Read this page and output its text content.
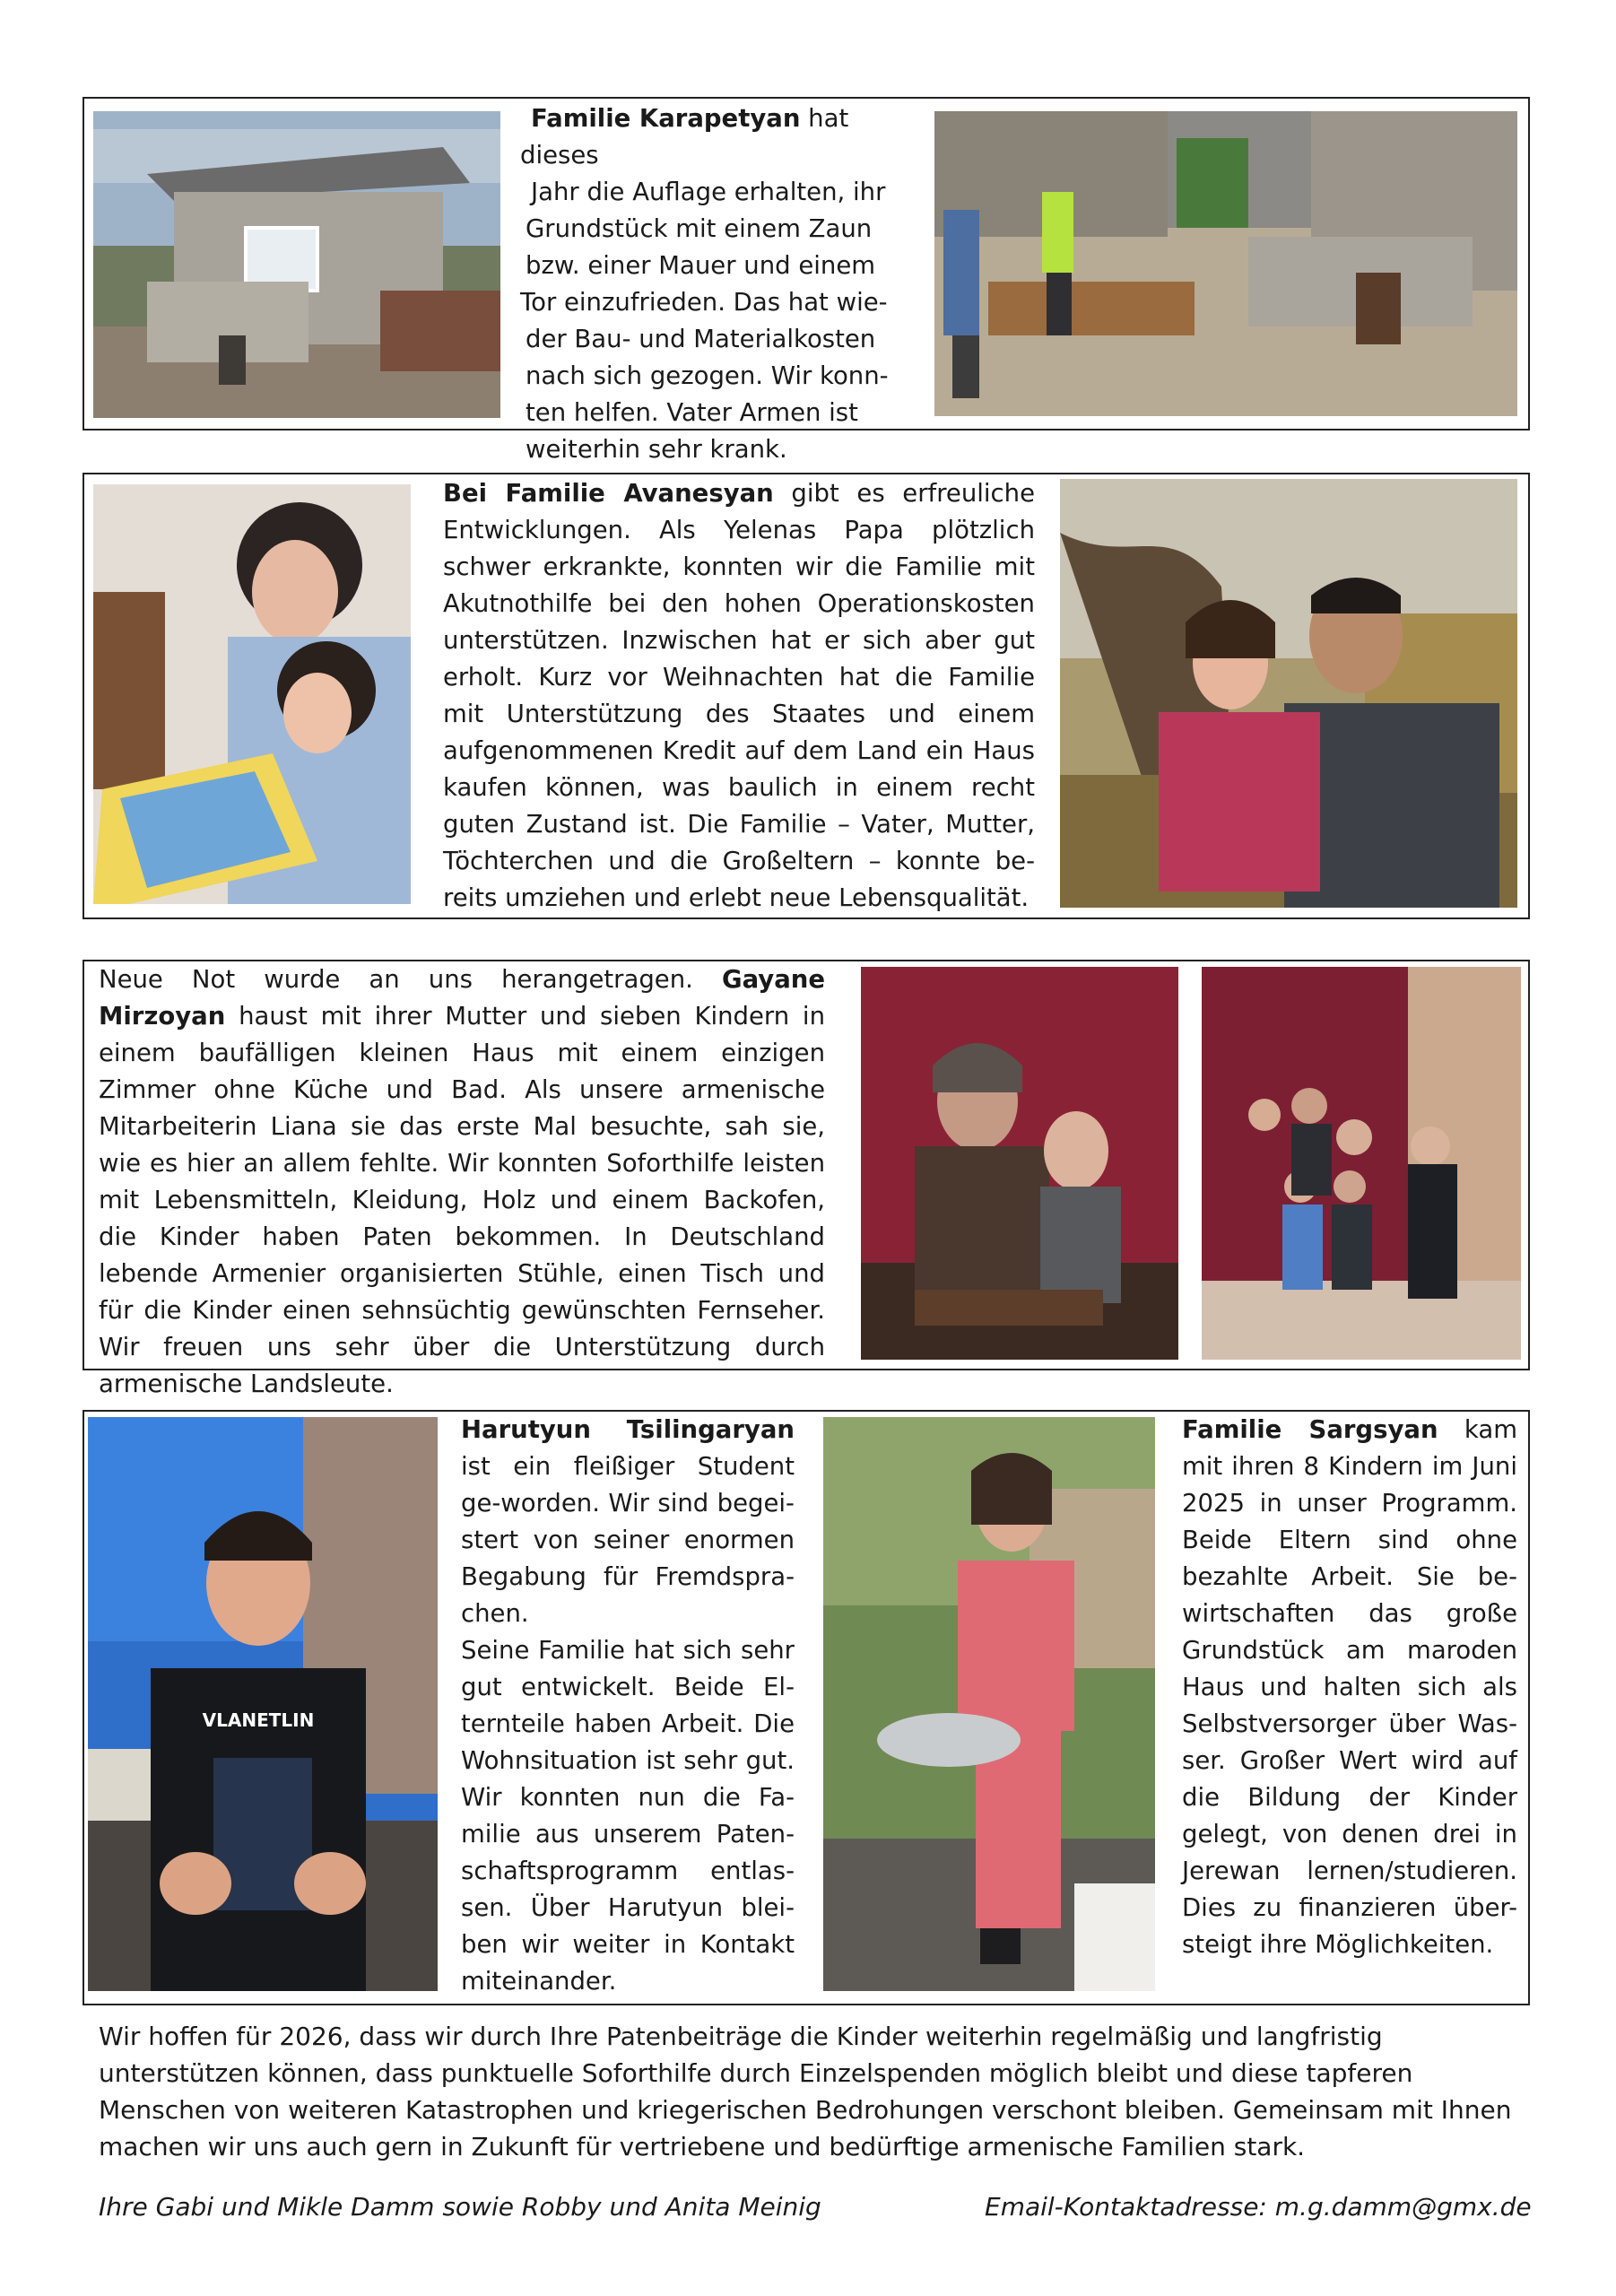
Familie Karapetyan hat dieses

Jahr die Auflage erhalten, ihr

Grundstück mit einem Zaun

bzw. einer Mauer und einem

Tor einzufrieden. Das hat wie-

der Bau- und Materialkosten

nach sich gezogen. Wir konn-

ten helfen. Vater Armen ist

weiterhin sehr krank.

Bei Familie Avanesyan gibt es erfreuliche Entwicklungen. Als Yelenas Papa plötzlich schwer erkrankte, konnten wir die Familie mit Akutnothilfe bei den hohen Operationskosten unterstützen. Inzwischen hat er sich aber gut erholt. Kurz vor Weihnachten hat die Familie mit Unterstützung des Staates und einem aufgenommenen Kredit auf dem Land ein Haus kaufen können, was baulich in einem recht guten Zustand ist. Die Familie – Vater, Mutter, Töchterchen und die Großeltern – konnte be-reits umziehen und erlebt neue Lebensqualität.

Neue Not wurde an uns herangetragen. Gayane Mirzoyan haust mit ihrer Mutter und sieben Kindern in einem baufälligen kleinen Haus mit einem einzigen Zimmer ohne Küche und Bad. Als unsere armenische Mitarbeiterin Liana sie das erste Mal besuchte, sah sie, wie es hier an allem fehlte. Wir konnten Soforthilfe leisten mit Lebensmitteln, Kleidung, Holz und einem Backofen, die Kinder haben Paten bekommen. In Deutschland lebende Armenier organisierten Stühle, einen Tisch und für die Kinder einen sehnsüchtig gewünschten Fernseher. Wir freuen uns sehr über die Unterstützung durch armenische Landsleute.

VLANETLIN

Harutyun Tsilingaryan ist ein fleißiger Student ge-worden. Wir sind begei-stert von seiner enormen Begabung für Fremdspra-chen.

Seine Familie hat sich sehr gut entwickelt. Beide El-ternteile haben Arbeit. Die Wohnsituation ist sehr gut. Wir konnten nun die Fa-milie aus unserem Paten-schaftsprogramm entlas-sen. Über Harutyun blei-ben wir weiter in Kontakt miteinander.

Familie Sargsyan kam mit ihren 8 Kindern im Juni 2025 in unser Programm. Beide Eltern sind ohne bezahlte Arbeit. Sie be-wirtschaften das große Grundstück am maroden Haus und halten sich als Selbstversorger über Was-ser. Großer Wert wird auf die Bildung der Kinder gelegt, von denen drei in Jerewan lernen/studieren. Dies zu finanzieren über-steigt ihre Möglichkeiten.

Wir hoffen für 2026, dass wir durch Ihre Patenbeiträge die Kinder weiterhin regelmäßig und langfristig unterstützen können, dass punktuelle Soforthilfe durch Einzelspenden möglich bleibt und diese tapferen Menschen von weiteren Katastrophen und kriegerischen Bedrohungen verschont bleiben. Gemeinsam mit Ihnen machen wir uns auch gern in Zukunft für vertriebene und bedürftige armenische Familien stark.
Ihre Gabi und Mikle Damm sowie Robby und Anita Meinig	Email-Kontaktadresse: m.g.damm@gmx.de
